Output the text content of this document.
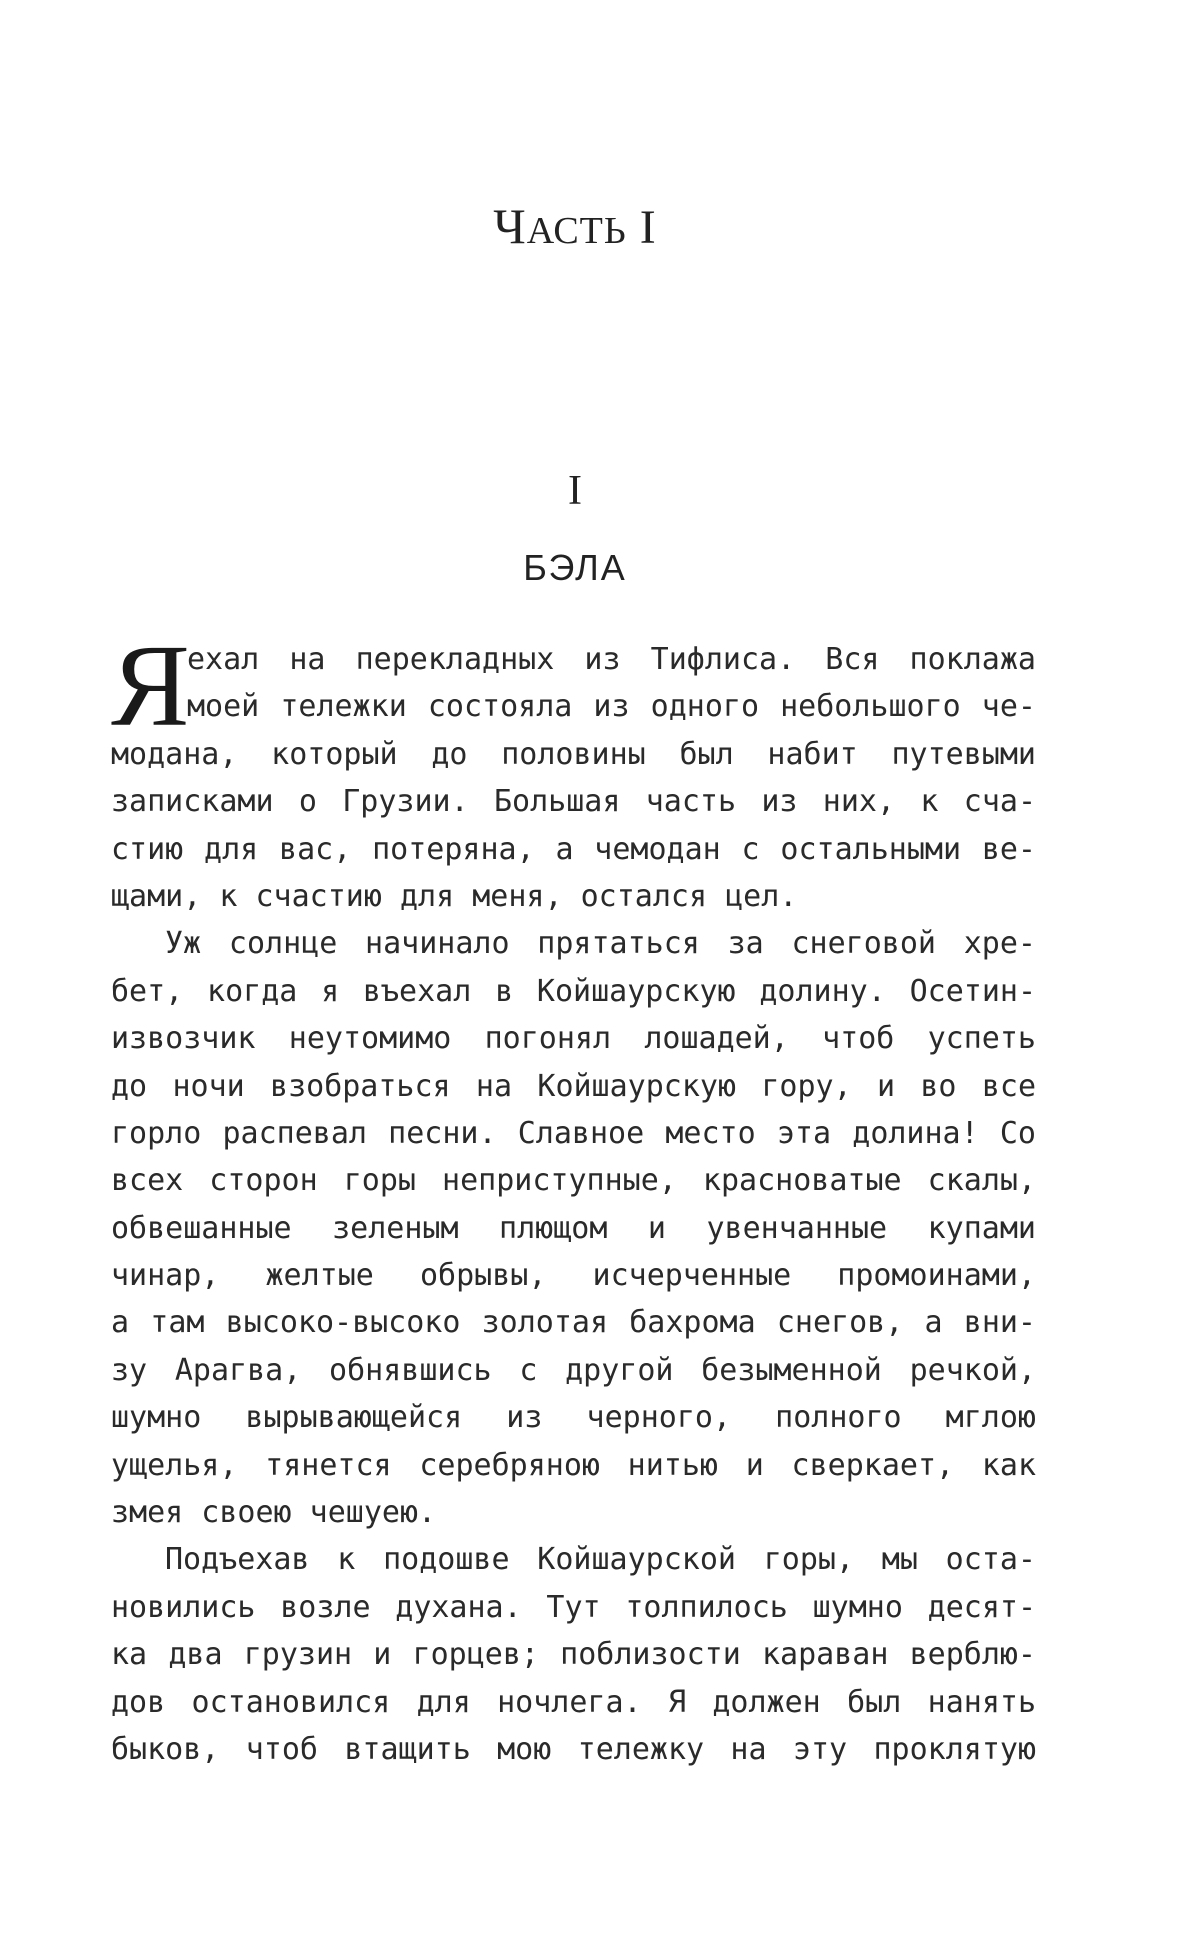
ЧАСТЬ I
I
БЭЛА
Я
ехал на перекладных из Тифлиса. Вся поклажа
моей тележки состояла из одного небольшого че-
модана, который до половины был набит путевыми
записками о Грузии. Большая часть из них, к сча-
стию для вас, потеряна, а чемодан с остальными ве-
щами, к счастию для меня, остался цел.
Уж солнце начинало прятаться за снеговой хре-
бет, когда я въехал в Койшаурскую долину. Осетин-
извозчик неутомимо погонял лошадей, чтоб успеть
до ночи взобраться на Койшаурскую гору, и во все
горло распевал песни. Славное место эта долина! Со
всех сторон горы неприступные, красноватые скалы,
обвешанные зеленым плющом и увенчанные купами
чинар, желтые обрывы, исчерченные промоинами,
а там высоко-высоко золотая бахрома снегов, а вни-
зу Арагва, обнявшись с другой безыменной речкой,
шумно вырывающейся из черного, полного мглою
ущелья, тянется серебряною нитью и сверкает, как
змея своею чешуею.
Подъехав к подошве Койшаурской горы, мы оста-
новились возле духана. Тут толпилось шумно десят-
ка два грузин и горцев; поблизости караван верблю-
дов остановился для ночлега. Я должен был нанять
быков, чтоб втащить мою тележку на эту проклятую
